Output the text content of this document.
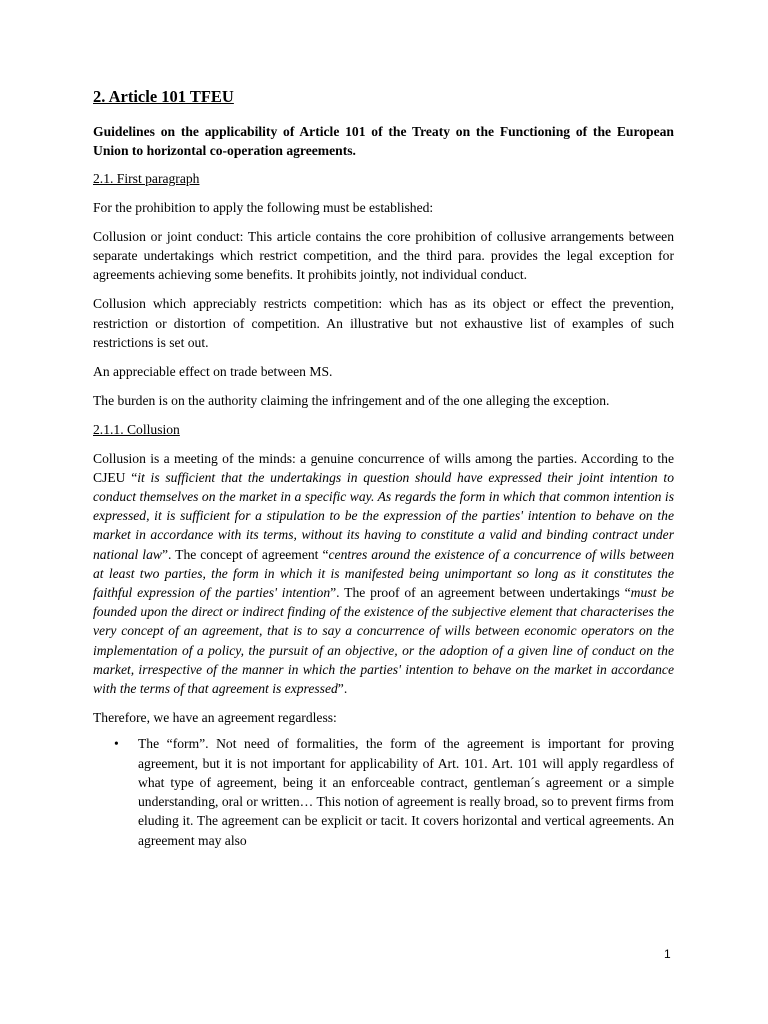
2. Article 101 TFEU

Guidelines on the applicability of Article 101 of the Treaty on the Functioning of the European Union to horizontal co-operation agreements.

2.1. First paragraph

For the prohibition to apply the following must be established:

Collusion or joint conduct: This article contains the core prohibition of collusive arrangements between separate undertakings which restrict competition, and the third para. provides the legal exception for agreements achieving some benefits. It prohibits jointly, not individual conduct.

Collusion which appreciably restricts competition: which has as its object or effect the prevention, restriction or distortion of competition. An illustrative but not exhaustive list of examples of such restrictions is set out.

An appreciable effect on trade between MS.

The burden is on the authority claiming the infringement and of the one alleging the exception.

2.1.1. Collusion

Collusion is a meeting of the minds: a genuine concurrence of wills among the parties. According to the CJEU “it is sufficient that the undertakings in question should have expressed their joint intention to conduct themselves on the market in a specific way. As regards the form in which that common intention is expressed, it is sufficient for a stipulation to be the expression of the parties' intention to behave on the market in accordance with its terms, without its having to constitute a valid and binding contract under national law”. The concept of agreement “centres around the existence of a concurrence of wills between at least two parties, the form in which it is manifested being unimportant so long as it constitutes the faithful expression of the parties' intention”. The proof of an agreement between undertakings “must be founded upon the direct or indirect finding of the existence of the subjective element that characterises the very concept of an agreement, that is to say a concurrence of wills between economic operators on the implementation of a policy, the pursuit of an objective, or the adoption of a given line of conduct on the market, irrespective of the manner in which the parties' intention to behave on the market in accordance with the terms of that agreement is expressed”.

Therefore, we have an agreement regardless:

• The “form”. Not need of formalities, the form of the agreement is important for proving agreement, but it is not important for applicability of Art. 101. Art. 101 will apply regardless of what type of agreement, being it an enforceable contract, gentleman´s agreement or a simple understanding, oral or written… This notion of agreement is really broad, so to prevent firms from eluding it. The agreement can be explicit or tacit. It covers horizontal and vertical agreements. An agreement may also
1
